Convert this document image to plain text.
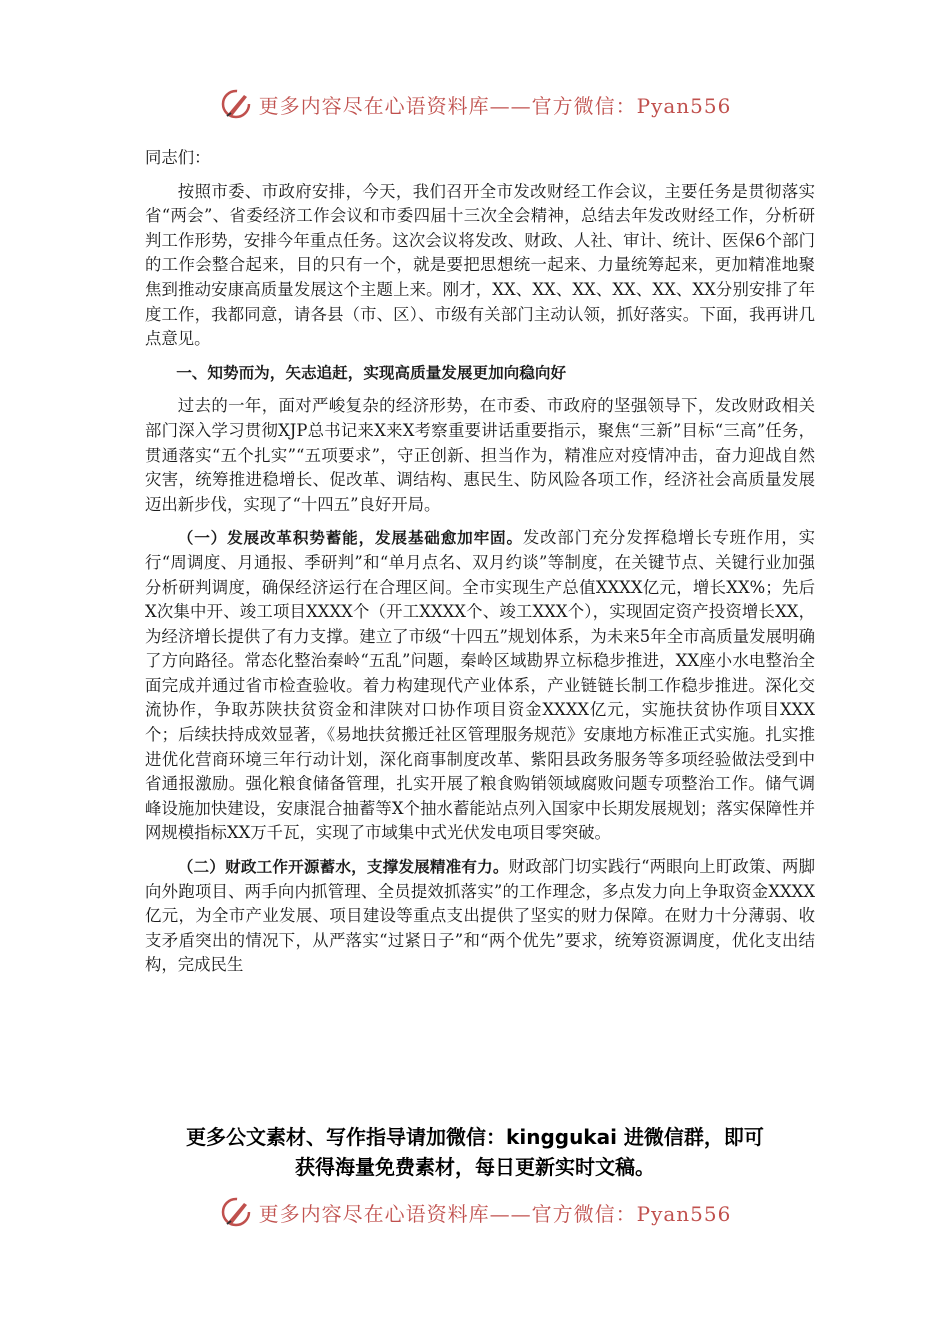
更多内容尽在心语资料库——官方微信：Pyan556

同志们：

按照市委、市政府安排，今天，我们召开全市发改财经工作会议，主要任务是贯彻落实省“两会”、省委经济工作会议和市委四届十三次全会精神，总结去年发改财经工作，分析研判工作形势，安排今年重点任务。这次会议将发改、财政、人社、审计、统计、医保6个部门的工作会整合起来，目的只有一个，就是要把思想统一起来、力量统筹起来，更加精准地聚焦到推动安康高质量发展这个主题上来。刚才，XX、XX、XX、XX、XX、XX分别安排了年度工作，我都同意，请各县（市、区）、市级有关部门主动认领，抓好落实。下面，我再讲几点意见。

一、知势而为，矢志追赶，实现高质量发展更加向稳向好

过去的一年，面对严峻复杂的经济形势，在市委、市政府的坚强领导下，发改财政相关部门深入学习贯彻XJP总书记来X来X考察重要讲话重要指示，聚焦“三新”目标“三高”任务，贯通落实“五个扎实”“五项要求”，守正创新、担当作为，精准应对疫情冲击，奋力迎战自然灾害，统筹推进稳增长、促改革、调结构、惠民生、防风险各项工作，经济社会高质量发展迈出新步伐，实现了“十四五”良好开局。

（一）发展改革积势蓄能，发展基础愈加牢固。发改部门充分发挥稳增长专班作用，实行“周调度、月通报、季研判”和“单月点名、双月约谈”等制度，在关键节点、关键行业加强分析研判调度，确保经济运行在合理区间。全市实现生产总值XXXX亿元，增长XX%；先后X次集中开、竣工项目XXXX个（开工XXXX个、竣工XXX个），实现固定资产投资增长XX，为经济增长提供了有力支撑。建立了市级“十四五”规划体系，为未来5年全市高质量发展明确了方向路径。常态化整治秦岭“五乱”问题，秦岭区域勘界立标稳步推进，XX座小水电整治全面完成并通过省市检查验收。着力构建现代产业体系，产业链链长制工作稳步推进。深化交流协作，争取苏陕扶贫资金和津陕对口协作项目资金XXXX亿元，实施扶贫协作项目XXX个；后续扶持成效显著，《易地扶贫搬迁社区管理服务规范》安康地方标准正式实施。扎实推进优化营商环境三年行动计划，深化商事制度改革、紫阳县政务服务等多项经验做法受到中省通报激励。强化粮食储备管理，扎实开展了粮食购销领域腐败问题专项整治工作。储气调峰设施加快建设，安康混合抽蓄等X个抽水蓄能站点列入国家中长期发展规划；落实保障性并网规模指标XX万千瓦，实现了市域集中式光伏发电项目零突破。

（二）财政工作开源蓄水，支撑发展精准有力。财政部门切实践行“两眼向上盯政策、两脚向外跑项目、两手向内抓管理、全员提效抓落实”的工作理念，多点发力向上争取资金XXXX亿元，为全市产业发展、项目建设等重点支出提供了坚实的财力保障。在财力十分薄弱、收支矛盾突出的情况下，从严落实“过紧日子”和“两个优先”要求，统筹资源调度，优化支出结构，完成民生

更多公文素材、写作指导请加微信：kinggukai 进微信群，即可
获得海量免费素材，每日更新实时文稿。
更多内容尽在心语资料库——官方微信：Pyan556
